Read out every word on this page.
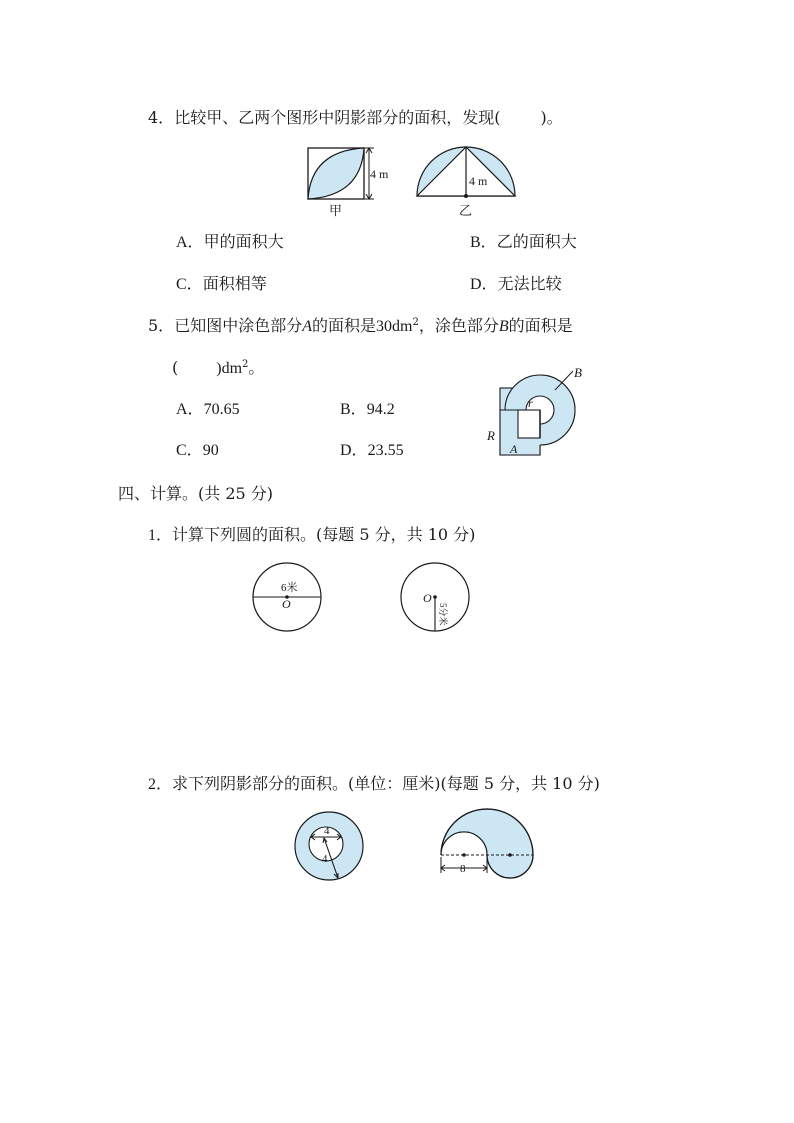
4．比较甲、乙两个图形中阴影部分的面积，发现(	)。
4 m
甲
4 m
乙
A．甲的面积大	B．乙的面积大
C．面积相等	D．无法比较
5．已知图中涂色部分A的面积是$30dm^2$，涂色部分B的面积是
( )$dm^2$。
A．70.65	B．94.2
C．90	D．23.55
B
r
R
A
四、计算。(共 25 分)
1．计算下列圆的面积。(每题 5 分，共 10 分)
6米
O	O
5分米
2．求下列阴影部分的面积。(单位：厘米)(每题 5 分，共 10 分)
4
4
8
